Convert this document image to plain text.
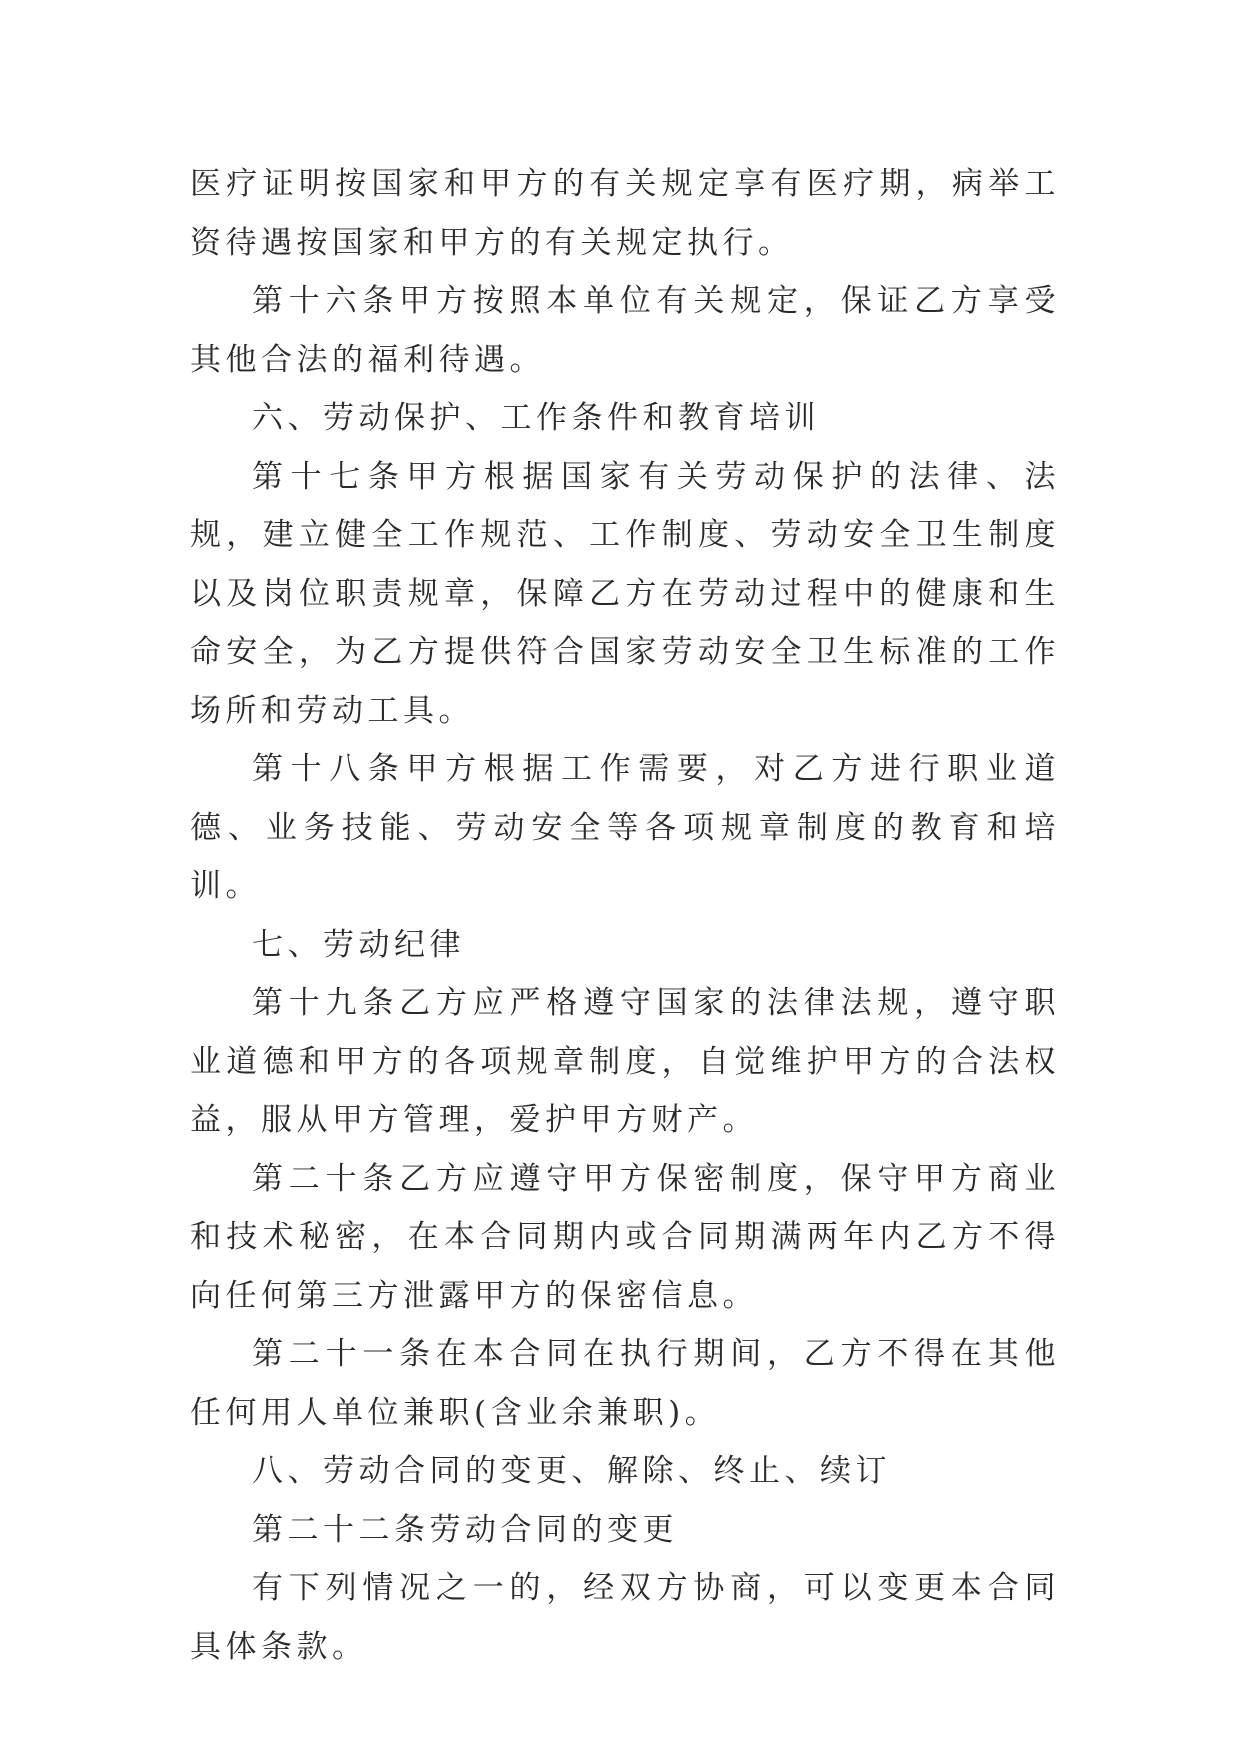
医疗证明按国家和甲方的有关规定享有医疗期，病举工资待遇按国家和甲方的有关规定执行。

第十六条甲方按照本单位有关规定，保证乙方享受其他合法的福利待遇。

六、劳动保护、工作条件和教育培训

第十七条甲方根据国家有关劳动保护的法律、法规，建立健全工作规范、工作制度、劳动安全卫生制度以及岗位职责规章，保障乙方在劳动过程中的健康和生命安全，为乙方提供符合国家劳动安全卫生标准的工作场所和劳动工具。

第十八条甲方根据工作需要，对乙方进行职业道德、业务技能、劳动安全等各项规章制度的教育和培训。

七、劳动纪律

第十九条乙方应严格遵守国家的法律法规，遵守职业道德和甲方的各项规章制度，自觉维护甲方的合法权益，服从甲方管理，爱护甲方财产。

第二十条乙方应遵守甲方保密制度，保守甲方商业和技术秘密，在本合同期内或合同期满两年内乙方不得向任何第三方泄露甲方的保密信息。

第二十一条在本合同在执行期间，乙方不得在其他任何用人单位兼职(含业余兼职)。

八、劳动合同的变更、解除、终止、续订

第二十二条劳动合同的变更

有下列情况之一的，经双方协商，可以变更本合同具体条款。
